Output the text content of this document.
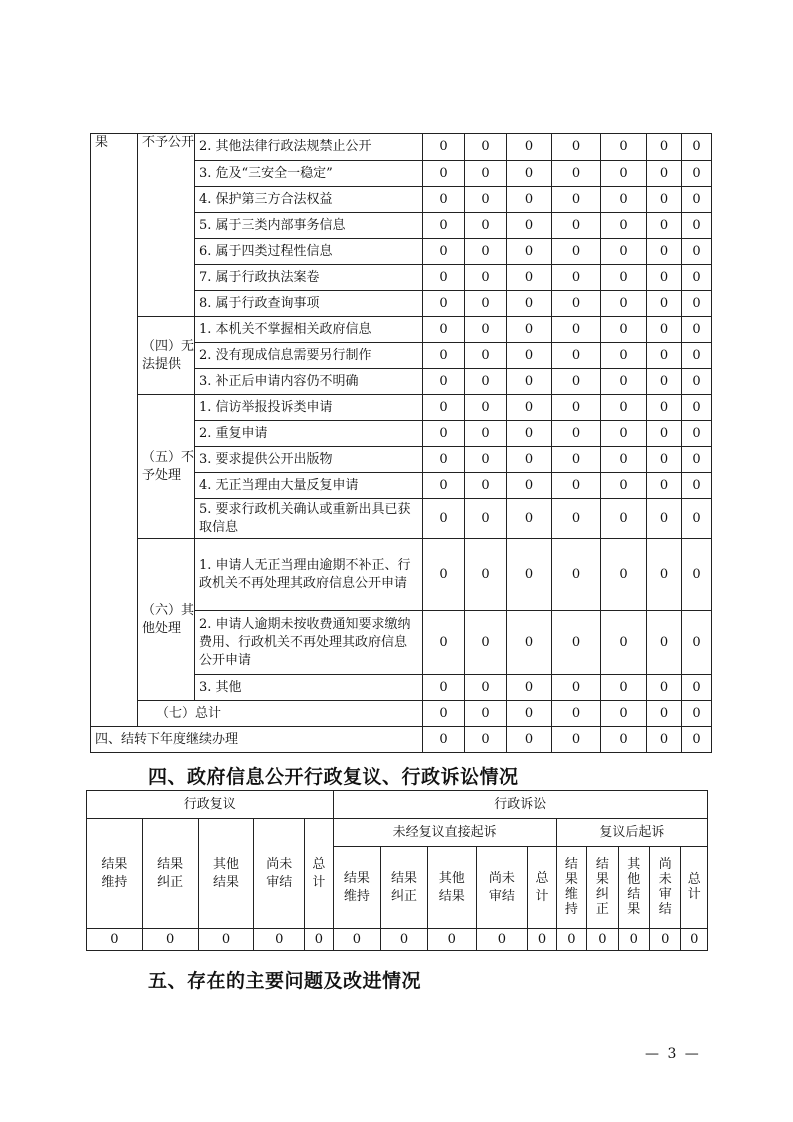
果	不予公开	2. 其他法律行政法规禁止公开	0	0	0	0	0	0	0
		3. 危及“三安全一稳定”	0	0	0	0	0	0	0
		4. 保护第三方合法权益	0	0	0	0	0	0	0
		5. 属于三类内部事务信息	0	0	0	0	0	0	0
		6. 属于四类过程性信息	0	0	0	0	0	0	0
		7. 属于行政执法案卷	0	0	0	0	0	0	0
		8. 属于行政查询事项	0	0	0	0	0	0	0
	（四）无法提供	1. 本机关不掌握相关政府信息	0	0	0	0	0	0	0
		2. 没有现成信息需要另行制作	0	0	0	0	0	0	0
		3. 补正后申请内容仍不明确	0	0	0	0	0	0	0
	（五）不予处理	1. 信访举报投诉类申请	0	0	0	0	0	0	0
		2. 重复申请	0	0	0	0	0	0	0
		3. 要求提供公开出版物	0	0	0	0	0	0	0
		4. 无正当理由大量反复申请	0	0	0	0	0	0	0
		5. 要求行政机关确认或重新出具已获取信息	0	0	0	0	0	0	0
	（六）其他处理	1. 申请人无正当理由逾期不补正、行政机关不再处理其政府信息公开申请	0	0	0	0	0	0	0
		2. 申请人逾期未按收费通知要求缴纳费用、行政机关不再处理其政府信息公开申请	0	0	0	0	0	0	0
		3. 其他	0	0	0	0	0	0	0
	（七）总计		0	0	0	0	0	0	0
四、结转下年度继续办理			0	0	0	0	0	0	0
四、政府信息公开行政复议、行政诉讼情况
行政复议					行政诉讼									
结果维持	结果纠正	其他结果	尚未审结	总计	未经复议直接起诉					复议后起诉				
					结果维持	结果纠正	其他结果	尚未审结	总计	结果维持	结果纠正	其他结果	尚未审结	总计
0	0	0	0	0	0	0	0	0	0	0	0	0	0	0
五、存在的主要问题及改进情况
— 3 —
